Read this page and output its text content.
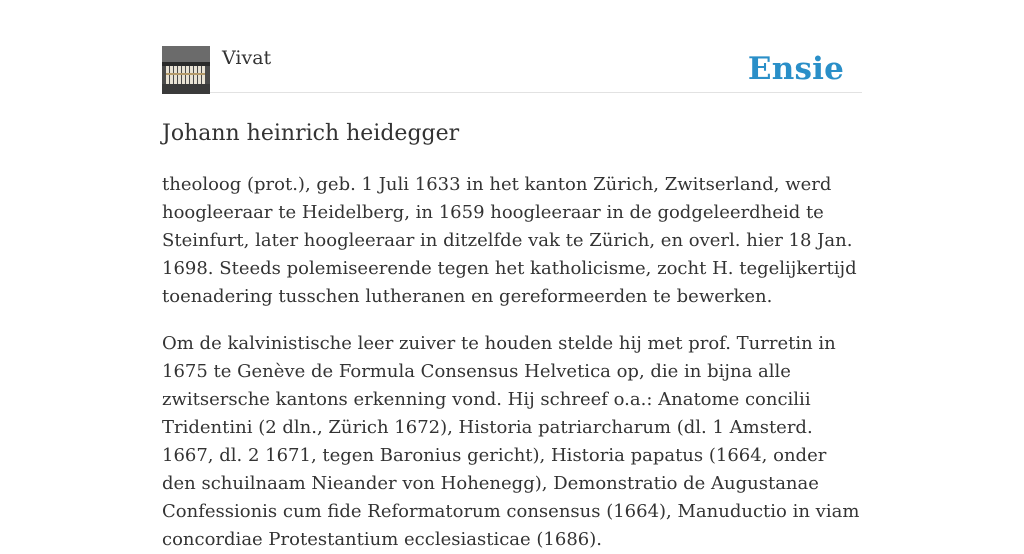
Vivat	Ensie
Johann heinrich heidegger

theoloog (prot.), geb. 1 Juli 1633 in het kanton Zürich, Zwitserland, werd hoogleeraar te Heidelberg, in 1659 hoogleeraar in de godgeleerdheid te Steinfurt, later hoogleeraar in ditzelfde vak te Zürich, en overl. hier 18 Jan. 1698. Steeds polemiseerende tegen het katholicisme, zocht H. tegelijkertijd toenadering tusschen lutheranen en gereformeerden te bewerken.

Om de kalvinistische leer zuiver te houden stelde hij met prof. Turretin in 1675 te Genève de Formula Consensus Helvetica op, die in bijna alle zwitsersche kantons erkenning vond. Hij schreef o.a.: Anatome concilii Tridentini (2 dln., Zürich 1672), Historia patriarcharum (dl. 1 Amsterd. 1667, dl. 2 1671, tegen Baronius gericht), Historia papatus (1664, onder den schuilnaam Nieander von Hohenegg), Demonstratio de Augustanae Confessionis cum fide Reformatorum consensus (1664), Manuductio in viam concordiae Protestantium ecclesiasticae (1686).
